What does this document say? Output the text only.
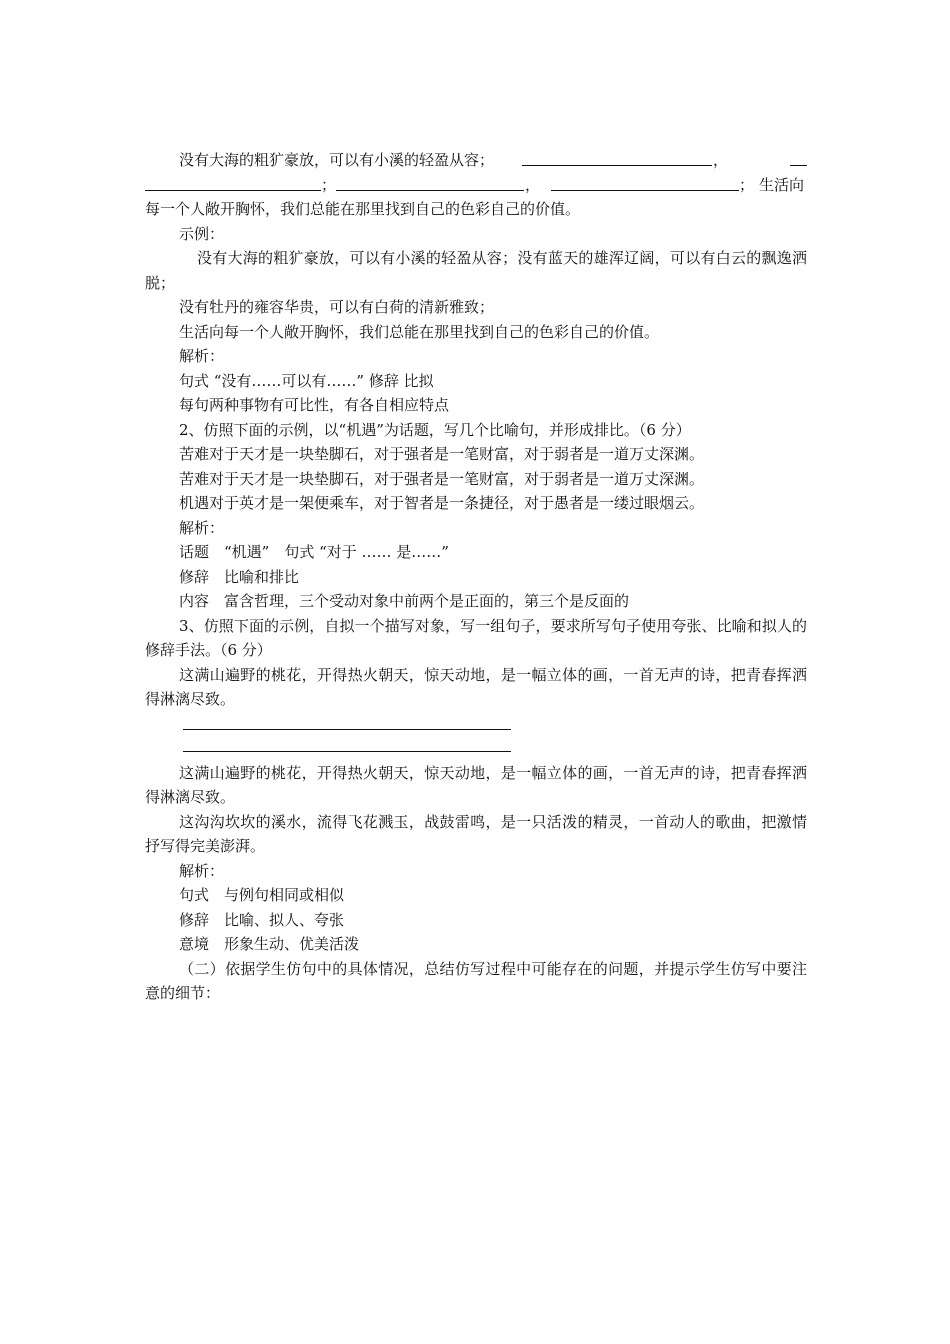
没有大海的粗犷豪放，可以有小溪的轻盈从容；	，
；	，	； 生活向

每一个人敞开胸怀，我们总能在那里找到自己的色彩自己的价值。

示例：

没有大海的粗犷豪放，可以有小溪的轻盈从容；没有蓝天的雄浑辽阔，可以有白云的飘逸洒脱；

没有牡丹的雍容华贵，可以有白荷的清新雅致；

生活向每一个人敞开胸怀，我们总能在那里找到自己的色彩自己的价值。

解析：

句式 “没有……可以有……” 修辞 比拟

每句两种事物有可比性，有各自相应特点

2、仿照下面的示例，以“机遇”为话题，写几个比喻句，并形成排比。（6 分）

苦难对于天才是一块垫脚石，对于强者是一笔财富，对于弱者是一道万丈深渊。

苦难对于天才是一块垫脚石，对于强者是一笔财富，对于弱者是一道万丈深渊。

机遇对于英才是一架便乘车，对于智者是一条捷径，对于愚者是一缕过眼烟云。

解析：

话题　“机遇”　句式 “对于 …… 是……”

修辞　比喻和排比

内容　富含哲理，三个受动对象中前两个是正面的，第三个是反面的

3、仿照下面的示例，自拟一个描写对象，写一组句子，要求所写句子使用夸张、比喻和拟人的修辞手法。（6 分）

这满山遍野的桃花，开得热火朝天，惊天动地，是一幅立体的画，一首无声的诗，把青春挥洒得淋漓尽致。

这满山遍野的桃花，开得热火朝天，惊天动地，是一幅立体的画，一首无声的诗，把青春挥洒得淋漓尽致。

这沟沟坎坎的溪水，流得飞花溅玉，战鼓雷鸣，是一只活泼的精灵，一首动人的歌曲，把激情抒写得完美澎湃。

解析：

句式　与例句相同或相似

修辞　比喻、拟人、夸张

意境　形象生动、优美活泼

（二）依据学生仿句中的具体情况，总结仿写过程中可能存在的问题，并提示学生仿写中要注意的细节：
